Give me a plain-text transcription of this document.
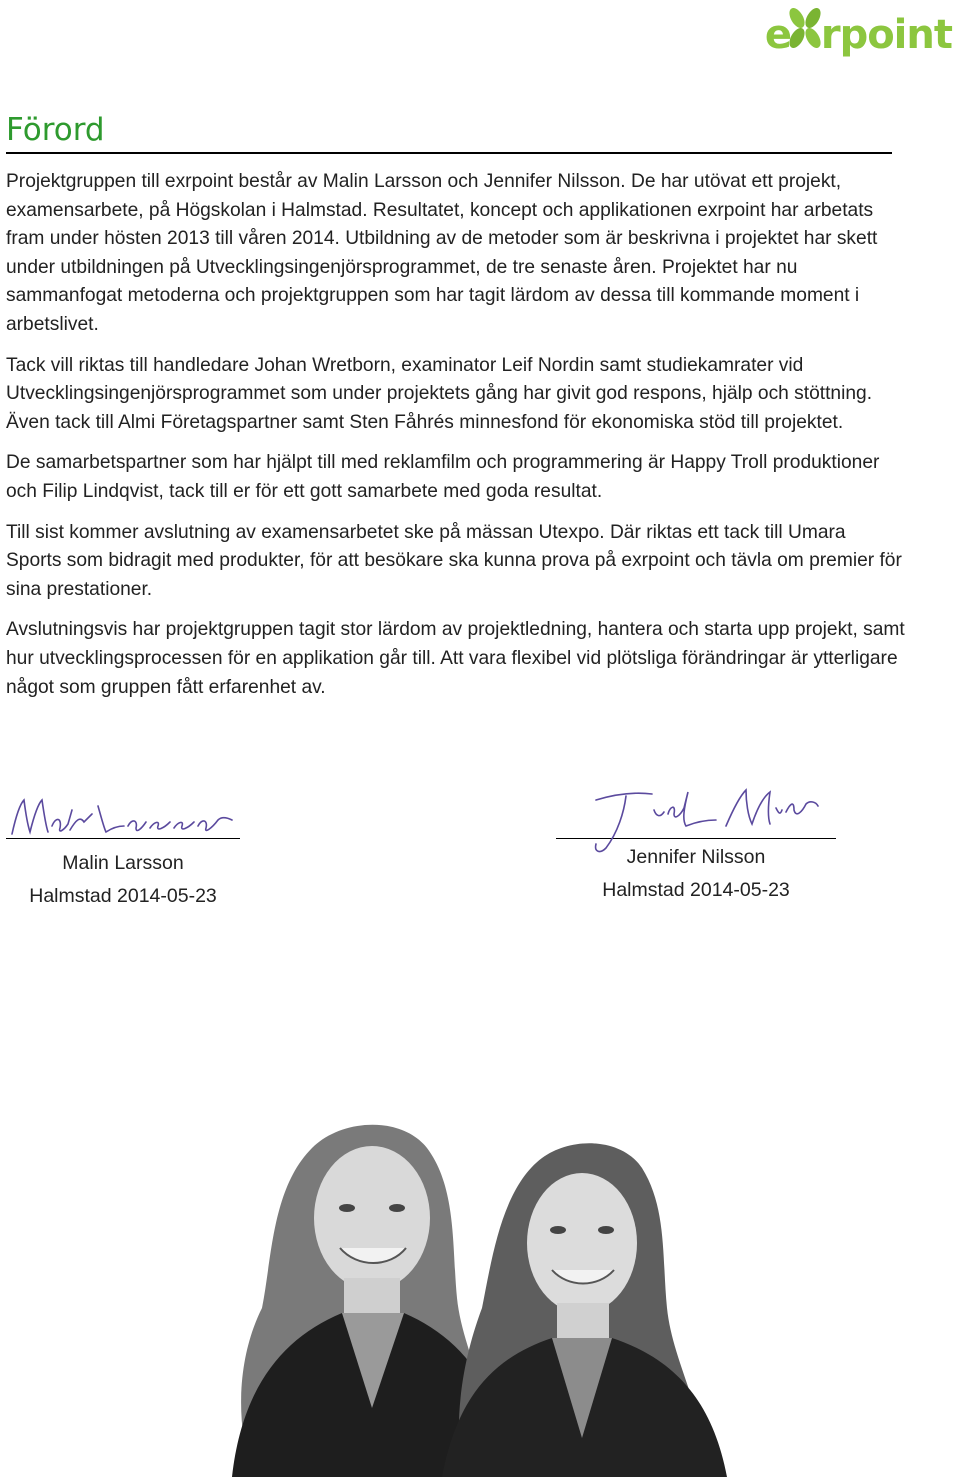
e rpoint
Förord

Projektgruppen till exrpoint består av Malin Larsson och Jennifer Nilsson. De har utövat ett projekt, examensarbete, på Högskolan i Halmstad. Resultatet, koncept och applikationen exrpoint har arbetats fram under hösten 2013 till våren 2014. Utbildning av de metoder som är beskrivna i projektet har skett under utbildningen på Utvecklingsingenjörsprogrammet, de tre senaste åren. Projektet har nu sammanfogat metoderna och projektgruppen som har tagit lärdom av dessa till kommande moment i arbetslivet.

Tack vill riktas till handledare Johan Wretborn, examinator Leif Nordin samt studiekamrater vid Utvecklingsingenjörsprogrammet som under projektets gång har givit god respons, hjälp och stöttning. Även tack till Almi Företagspartner samt Sten Fåhrés minnesfond för ekonomiska stöd till projektet.

De samarbetspartner som har hjälpt till med reklamfilm och programmering är Happy Troll produktioner och Filip Lindqvist, tack till er för ett gott samarbete med goda resultat.

Till sist kommer avslutning av examensarbetet ske på mässan Utexpo. Där riktas ett tack till Umara Sports som bidragit med produkter, för att besökare ska kunna prova på exrpoint och tävla om premier för sina prestationer.

Avslutningsvis har projektgruppen tagit stor lärdom av projektledning, hantera och starta upp projekt, samt hur utvecklingsprocessen för en applikation går till. Att vara flexibel vid plötsliga förändringar är ytterligare något som gruppen fått erfarenhet av.

Malin Larsson
Halmstad 2014-05-23
Jennifer Nilsson
Halmstad 2014-05-23
